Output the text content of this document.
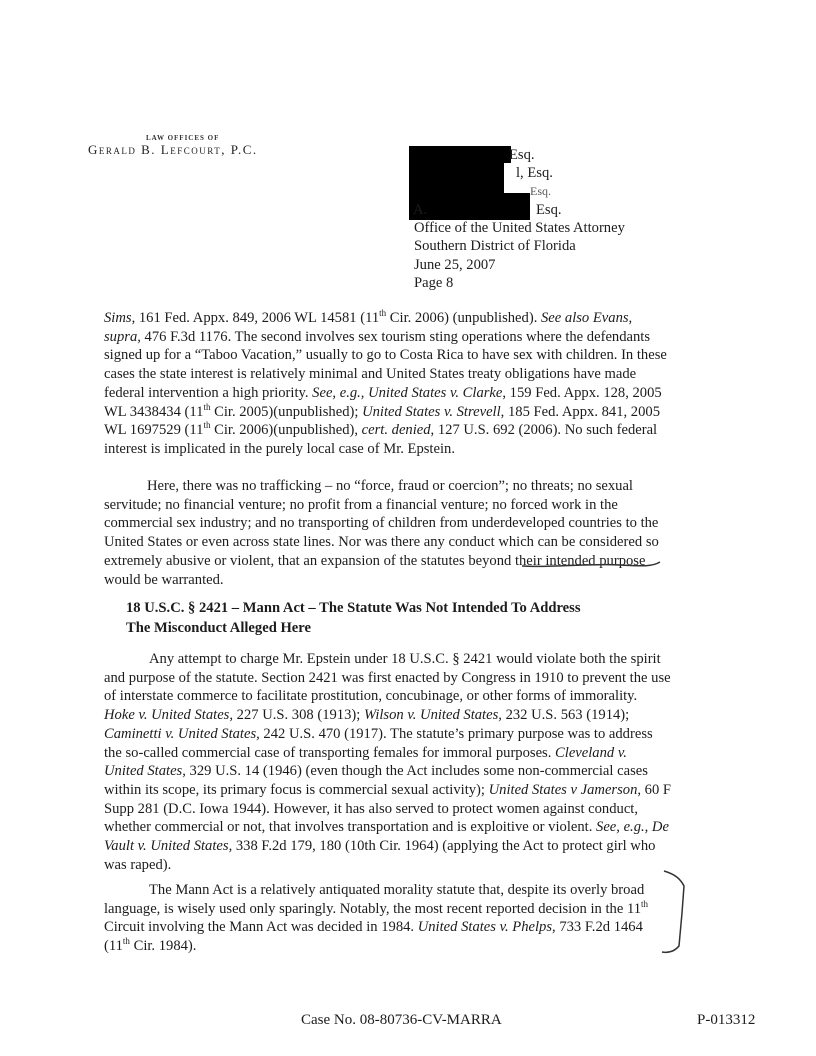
LAW OFFICES OF
Gerald B. Lefcourt, P.C.	Esq.
l, Esq.
Esq.
A.	Esq.
Office of the United States Attorney
Southern District of Florida
June 25, 2007
Page 8
Sims, 161 Fed. Appx. 849, 2006 WL 14581 (11th Cir. 2006) (unpublished). See also Evans,
supra, 476 F.3d 1176. The second involves sex tourism sting operations where the defendants
signed up for a “Taboo Vacation,” usually to go to Costa Rica to have sex with children. In these
cases the state interest is relatively minimal and United States treaty obligations have made
federal intervention a high priority. See, e.g., United States v. Clarke, 159 Fed. Appx. 128, 2005
WL 3438434 (11th Cir. 2005)(unpublished); United States v. Strevell, 185 Fed. Appx. 841, 2005
WL 1697529 (11th Cir. 2006)(unpublished), cert. denied, 127 U.S. 692 (2006). No such federal
interest is implicated in the purely local case of Mr. Epstein.
Here, there was no trafficking – no “force, fraud or coercion”; no threats; no sexual
servitude; no financial venture; no profit from a financial venture; no forced work in the
commercial sex industry; and no transporting of children from underdeveloped countries to the
United States or even across state lines. Nor was there any conduct which can be considered so
extremely abusive or violent, that an expansion of the statutes beyond their intended purpose
would be warranted.
18 U.S.C. § 2421 – Mann Act – The Statute Was Not Intended To Address
The Misconduct Alleged Here
Any attempt to charge Mr. Epstein under 18 U.S.C. § 2421 would violate both the spirit
and purpose of the statute. Section 2421 was first enacted by Congress in 1910 to prevent the use
of interstate commerce to facilitate prostitution, concubinage, or other forms of immorality.
Hoke v. United States, 227 U.S. 308 (1913); Wilson v. United States, 232 U.S. 563 (1914);
Caminetti v. United States, 242 U.S. 470 (1917). The statute’s primary purpose was to address
the so-called commercial case of transporting females for immoral purposes. Cleveland v.
United States, 329 U.S. 14 (1946) (even though the Act includes some non-commercial cases
within its scope, its primary focus is commercial sexual activity); United States v Jamerson, 60 F
Supp 281 (D.C. Iowa 1944). However, it has also served to protect women against conduct,
whether commercial or not, that involves transportation and is exploitive or violent. See, e.g., De
Vault v. United States, 338 F.2d 179, 180 (10th Cir. 1964) (applying the Act to protect girl who
was raped).
The Mann Act is a relatively antiquated morality statute that, despite its overly broad
language, is wisely used only sparingly. Notably, the most recent reported decision in the 11th
Circuit involving the Mann Act was decided in 1984. United States v. Phelps, 733 F.2d 1464
(11th Cir. 1984).
Case No. 08-80736-CV-MARRA	P-013312
